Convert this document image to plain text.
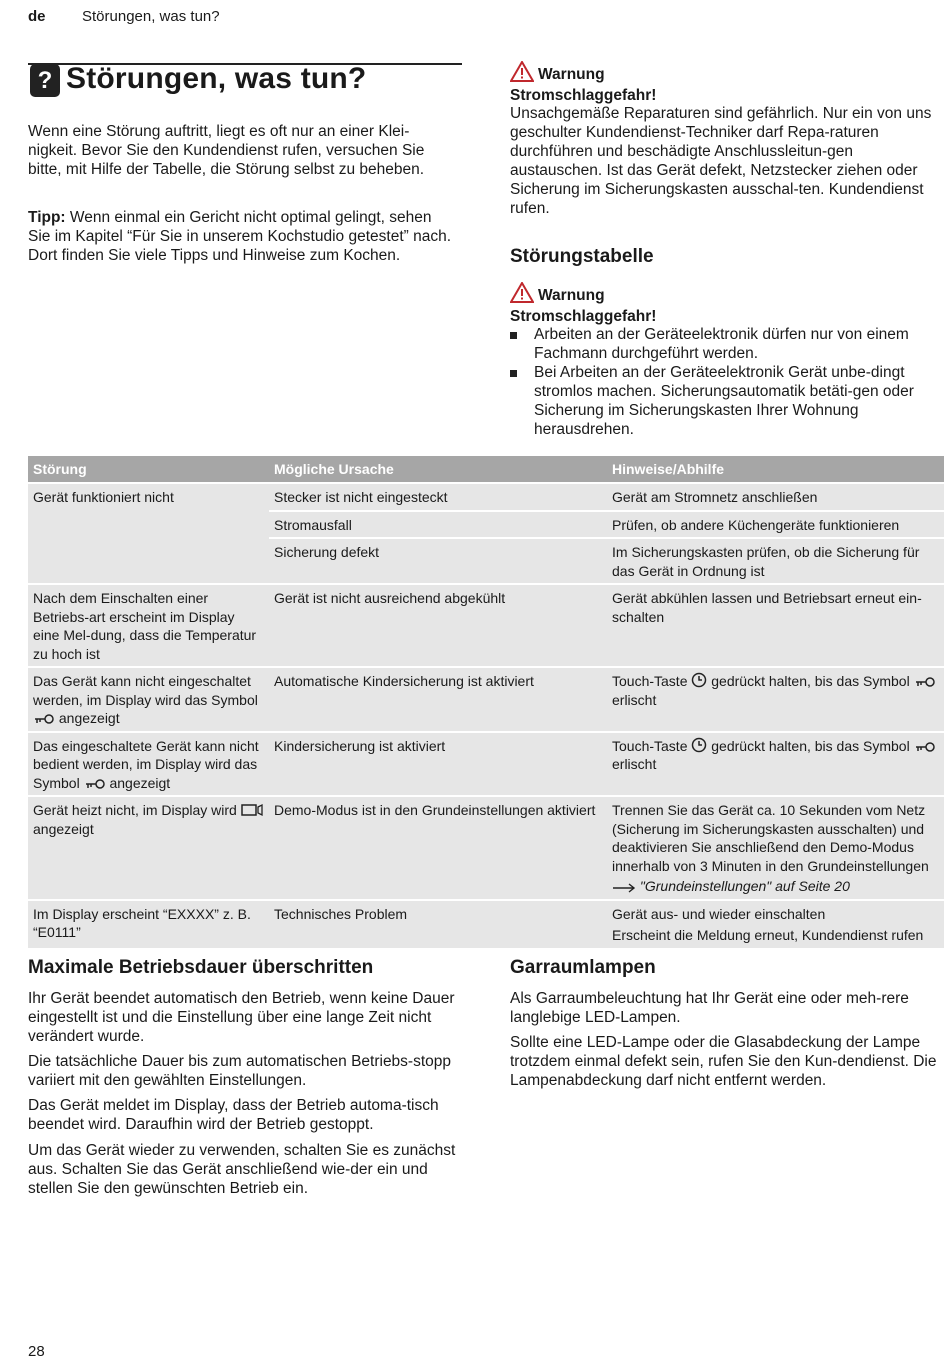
de Störungen, was tun?
? Störungen, was tun?
Wenn eine Störung auftritt, liegt es oft nur an einer Klei-nigkeit. Bevor Sie den Kundendienst rufen, versuchen Sie bitte, mit Hilfe der Tabelle, die Störung selbst zu beheben.
Tipp: Wenn einmal ein Gericht nicht optimal gelingt, sehen Sie im Kapitel “Für Sie in unserem Kochstudio getestet” nach. Dort finden Sie viele Tipps und Hinweise zum Kochen.
Warnung
Stromschlaggefahr!
Unsachgemäße Reparaturen sind gefährlich. Nur ein von uns geschulter Kundendienst-Techniker darf Repa-raturen durchführen und beschädigte Anschlussleitun-gen austauschen. Ist das Gerät defekt, Netzstecker ziehen oder Sicherung im Sicherungskasten ausschal-ten. Kundendienst rufen.
Störungstabelle
Warnung
Stromschlaggefahr!
Arbeiten an der Geräteelektronik dürfen nur von einem Fachmann durchgeführt werden.
Bei Arbeiten an der Geräteelektronik Gerät unbe-dingt stromlos machen. Sicherungsautomatik betäti-gen oder Sicherung im Sicherungskasten Ihrer Wohnung herausdrehen.
Störung	Mögliche Ursache	Hinweise/Abhilfe
Gerät funktioniert nicht	Stecker ist nicht eingesteckt	Gerät am Stromnetz anschließen
	Stromausfall	Prüfen, ob andere Küchengeräte funktionieren
	Sicherung defekt	Im Sicherungskasten prüfen, ob die Sicherung für das Gerät in Ordnung ist
Nach dem Einschalten einer Betriebs-art erscheint im Display eine Mel-dung, dass die Temperatur zu hoch ist	Gerät ist nicht ausreichend abgekühlt	Gerät abkühlen lassen und Betriebsart erneut ein-schalten
Das Gerät kann nicht eingeschaltet werden, im Display wird das Symbol  angezeigt	Automatische Kindersicherung ist aktiviert	Touch-Taste gedrückt halten, bis das Symbol  erlischt
Das eingeschaltete Gerät kann nicht bedient werden, im Display wird das Symbol angezeigt	Kindersicherung ist aktiviert	Touch-Taste gedrückt halten, bis das Symbol  erlischt
Gerät heizt nicht, im Display wird  angezeigt	Demo-Modus ist in den Grundeinstellungen aktiviert	Trennen Sie das Gerät ca. 10 Sekunden vom Netz (Sicherung im Sicherungskasten ausschalten) und deaktivieren Sie anschließend den Demo-Modus innerhalb von 3 Minuten in den Grundeinstellungen
"Grundeinstellungen" auf Seite 20

Im Display erscheint “EXXXX” z. B. “E0111”	Technisches Problem	Gerät aus- und wieder einschalten
Erscheint die Meldung erneut, Kundendienst rufen
Maximale Betriebsdauer überschritten
Ihr Gerät beendet automatisch den Betrieb, wenn keine Dauer eingestellt ist und die Einstellung über eine lange Zeit nicht verändert wurde.
Die tatsächliche Dauer bis zum automatischen Betriebs-stopp variiert mit den gewählten Einstellungen.
Das Gerät meldet im Display, dass der Betrieb automa-tisch beendet wird. Daraufhin wird der Betrieb gestoppt.
Um das Gerät wieder zu verwenden, schalten Sie es zunächst aus. Schalten Sie das Gerät anschließend wie-der ein und stellen Sie den gewünschten Betrieb ein.
Garraumlampen
Als Garraumbeleuchtung hat Ihr Gerät eine oder meh-rere langlebige LED-Lampen.
Sollte eine LED-Lampe oder die Glasabdeckung der Lampe trotzdem einmal defekt sein, rufen Sie den Kun-dendienst. Die Lampenabdeckung darf nicht entfernt werden.
28
